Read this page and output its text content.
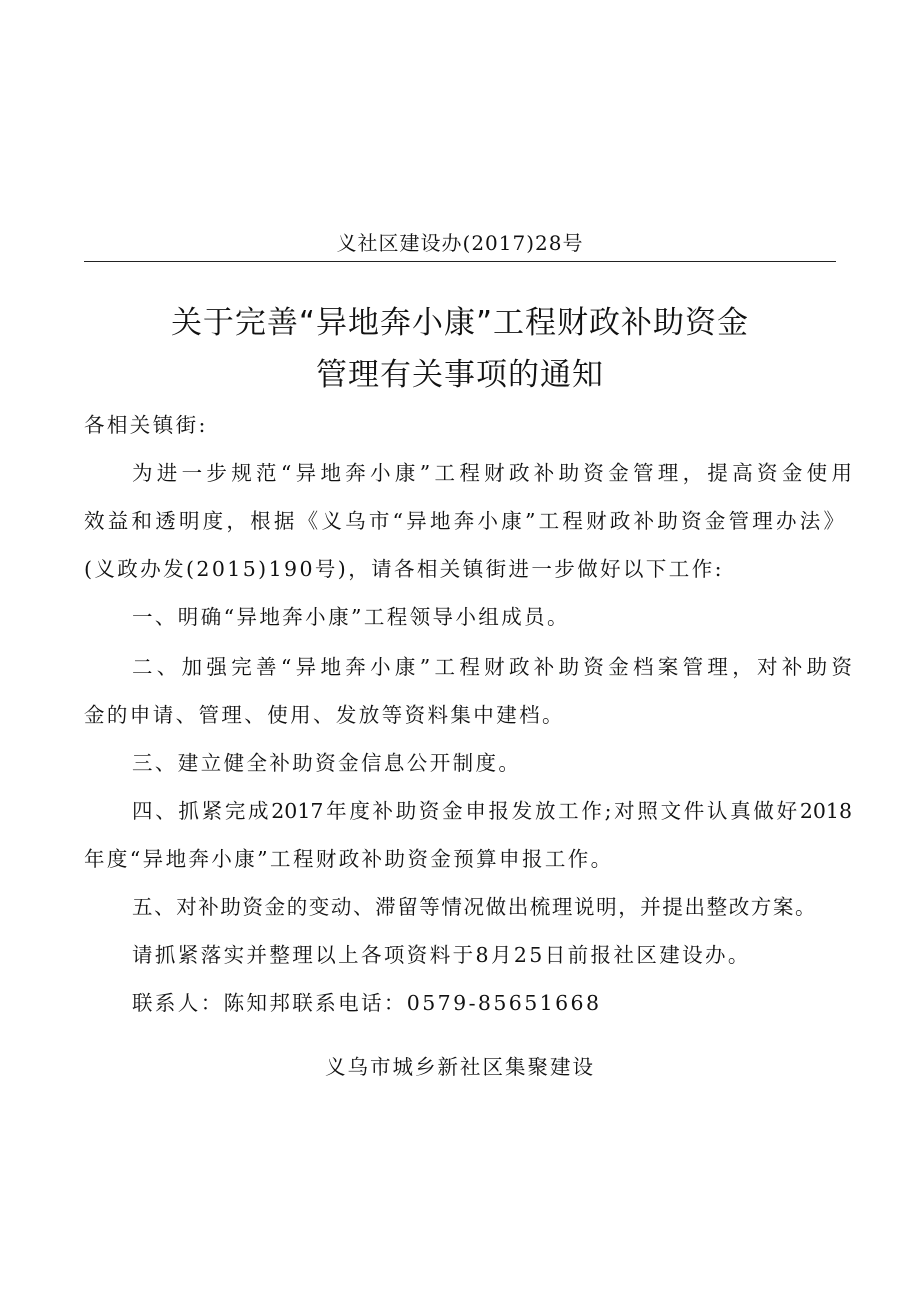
义社区建设办(2017)28号
关于完善“异地奔小康”工程财政补助资金
管理有关事项的通知
各相关镇街:
为进一步规范“异地奔小康”工程财政补助资金管理，提高资金使用
效益和透明度，根据《义乌市“异地奔小康”工程财政补助资金管理办法》
(义政办发(2015)190号)，请各相关镇街进一步做好以下工作:
一、明确“异地奔小康”工程领导小组成员。
二、加强完善“异地奔小康”工程财政补助资金档案管理，对补助资
金的申请、管理、使用、发放等资料集中建档。
三、建立健全补助资金信息公开制度。
四、抓紧完成2017年度补助资金申报发放工作;对照文件认真做好2018
年度“异地奔小康”工程财政补助资金预算申报工作。
五、对补助资金的变动、滞留等情况做出梳理说明，并提出整改方案。
请抓紧落实并整理以上各项资料于8月25日前报社区建设办。
联系人：陈知邦联系电话：0579-85651668
义乌市城乡新社区集聚建设
